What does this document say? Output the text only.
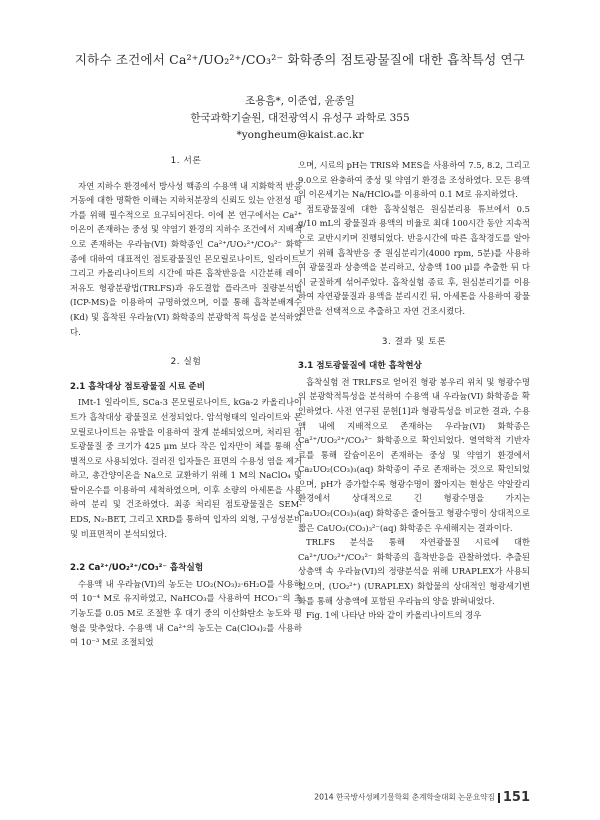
지하수 조건에서 Ca²⁺/UO₂²⁺/CO₃²⁻ 화학종의 점토광물질에 대한 흡착특성 연구
조용흠*, 이준엽, 윤종일
한국과학기술원, 대전광역시 유성구 과학로 355
*yongheum@kaist.ac.kr
1. 서론

자연 지하수 환경에서 방사성 핵종의 수용액 내 지화학적 반응거동에 대한 명확한 이해는 지하처분장의 신뢰도 있는 안전성 평가를 위해 필수적으로 요구되어진다. 이에 본 연구에서는 Ca²⁺ 이온이 존재하는 중성 및 약염기 환경의 지하수 조건에서 지배적으로 존재하는 우라늄(VI) 화학종인 Ca²⁺/UO₂²⁺/CO₃²⁻ 화학종에 대하여 대표적인 점토광물질인 몬모릴로나이트, 일라이트, 그리고 카올리나이트의 시간에 따른 흡착반응을 시간분해 레이저유도 형광분광법(TRLFS)과 유도결합 플라즈마 질량분석법(ICP-MS)을 이용하여 규명하였으며, 이를 통해 흡착분배계수(Kd) 및 흡착된 우라늄(VI) 화학종의 분광학적 특성을 분석하였다.

2. 실험
2.1 흡착대상 점토광물질 시료 준비

IMt-1 일라이트, SCa-3 몬모릴로나이트, kGa-2 카올리나이트가 흡착대상 광물질로 선정되었다. 암석형태의 일라이트와 몬모릴로나이트는 유발을 이용하여 잘게 분쇄되었으며, 처리된 점토광물질 중 크기가 425 μm 보다 작은 입자만이 체를 통해 선별적으로 사용되었다. 걸러진 입자들은 표면의 수용성 염을 제거하고, 총간양이온을 Na으로 교환하기 위해 1 M의 NaClO₄ 및 탈이온수를 이용하여 세척하였으며, 이후 소량의 아세톤을 사용하여 분리 및 건조하였다. 최종 처리된 점토광물질은 SEM-EDS, N₂-BET, 그리고 XRD를 통하여 입자의 외형, 구성성분비 및 비표면적이 분석되었다.

2.2 Ca²⁺/UO₂²⁺/CO₃²⁻ 흡착실험

수용액 내 우라늄(VI)의 농도는 UO₂(NO₃)₂·6H₂O를 사용하여 10⁻⁴ M로 유지하였고, NaHCO₃를 사용하여 HCO₃⁻의 초기농도를 0.05 M로 조절한 후 대기 중의 이산화탄소 농도와 평형을 맞추었다. 수용액 내 Ca²⁺의 농도는 Ca(ClO₄)₂를 사용하여 10⁻³ M로 조절되었

으며, 시료의 pH는 TRIS와 MES을 사용하여 7.5, 8.2, 그리고 9.0으로 완충하여 중성 및 약염기 환경을 조성하였다. 모든 용액의 이온세기는 Na/HClO₄를 이용하여 0.1 M로 유지하였다.

점토광물질에 대한 흡착실험은 원심분리용 튜브에서 0.5 g/10 mL의 광물질과 용액의 비율로 최대 100시간 동안 지속적으로 교반시키며 진행되었다. 반응시간에 따른 흡착경도를 알아보기 위해 흡착반응 중 원심분리기(4000 rpm, 5분)를 사용하여 광물질과 상층액을 분리하고, 상층액 100 μl를 추출한 뒤 다시 균질하게 섞어주었다. 흡착실험 종료 후, 원심분리기를 이용하여 자연광물질과 용액을 분리시킨 뒤, 아세톤을 사용하여 광물질만을 선택적으로 추출하고 자연 건조시켰다.

3. 결과 및 토론
3.1 점토광물질에 대한 흡착현상

흡착실험 전 TRLFS로 얻어진 형광 봉우리 위치 및 형광수명의 분광학적특성을 분석하여 수용액 내 우라늄(VI) 화학종을 확인하였다. 사전 연구된 문헌[1]과 형광특성을 비교한 결과, 수용액 내에 지배적으로 존재하는 우라늄(VI) 화학종은 Ca²⁺/UO₂²⁺/CO₃²⁻ 화학종으로 확인되었다. 열역학적 기반자료를 통해 칼슘이온이 존재하는 중성 및 약염기 환경에서 Ca₂UO₂(CO₃)₃(aq) 화학종이 주로 존재하는 것으로 확인되었으며, pH가 증가할수록 형광수명이 짧아지는 현상은 약알칼리 환경에서 상대적으로 긴 형광수명을 가지는 Ca₂UO₂(CO₃)₃(aq) 화학종은 줄어들고 형광수명이 상대적으로 짧은 CaUO₂(CO₃)₃²⁻(aq) 화학종은 우세해지는 결과이다.

TRLFS 분석을 통해 자연광물질 시료에 대한 Ca²⁺/UO₂²⁺/CO₃²⁻ 화학종의 흡착반응을 관찰하였다. 추출된 상층액 속 우라늄(VI)의 정량분석을 위해 URAPLEX가 사용되었으며, (UO₂²⁺) (URAPLEX) 화합물의 상대적인 형광세기변화를 통해 상층액에 포함된 우라늄의 양을 밝혀내었다.

Fig. 1에 나타난 바와 같이 카올리나이트의 경우

2014 한국방사성폐기물학회 춘계학술대회 논문요약집 151
